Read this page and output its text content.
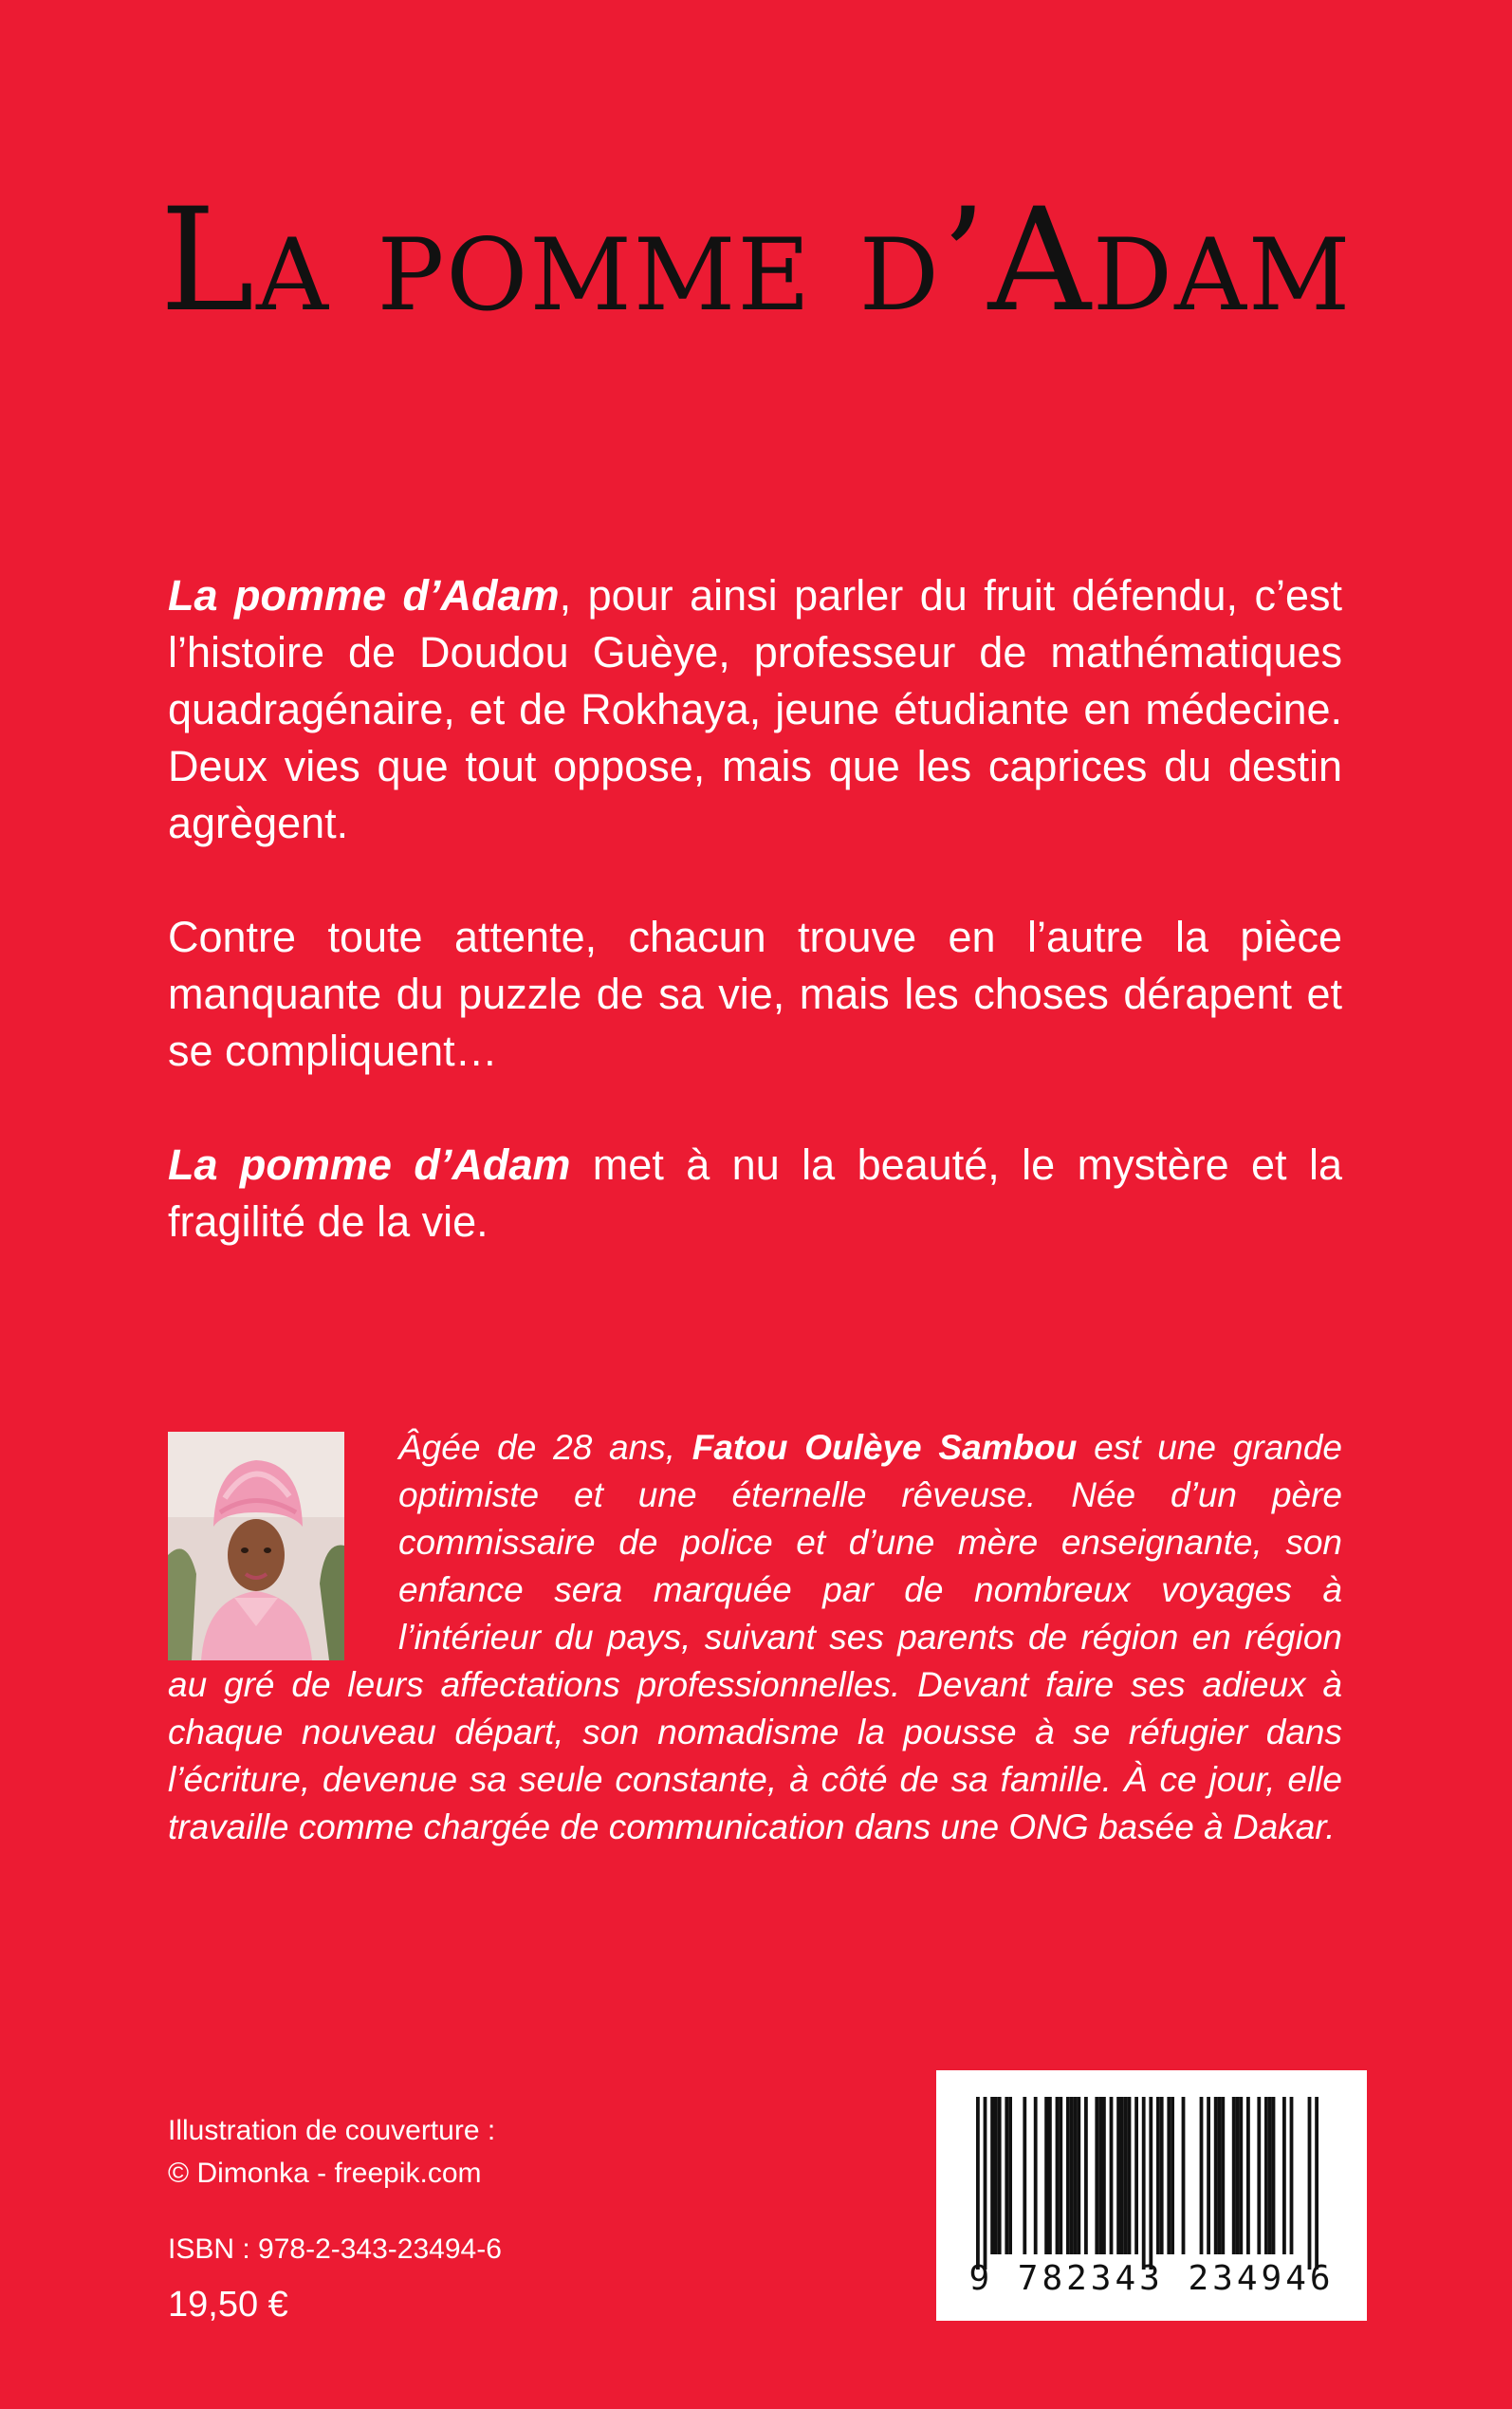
La pomme d’Adam

La pomme d’Adam, pour ainsi parler du fruit défendu, c’est l’histoire de Doudou Guèye, professeur de mathématiques quadragénaire, et de Rokhaya, jeune étudiante en médecine. Deux vies que tout oppose, mais que les caprices du destin agrègent.

Contre toute attente, chacun trouve en l’autre la pièce manquante du puzzle de sa vie, mais les choses dérapent et se compliquent…

La pomme d’Adam met à nu la beauté, le mystère et la fragilité de la vie.

Âgée de 28 ans, Fatou Oulèye Sambou est une grande optimiste et une éternelle rêveuse. Née d’un père commissaire de police et d’une mère enseignante, son enfance sera marquée par de nombreux voyages à l’intérieur du pays, suivant ses parents de région en région au gré de leurs affectations professionnelles. Devant faire ses adieux à chaque nouveau départ, son nomadisme la pousse à se réfugier dans l’écriture, devenue sa seule constante, à côté de sa famille. À ce jour, elle travaille comme chargée de communication dans une ONG basée à Dakar.
Illustration de couverture :
© Dimonka - freepik.com
ISBN : 978-2-343-23494-6
19,50 €
9 782343 234946
